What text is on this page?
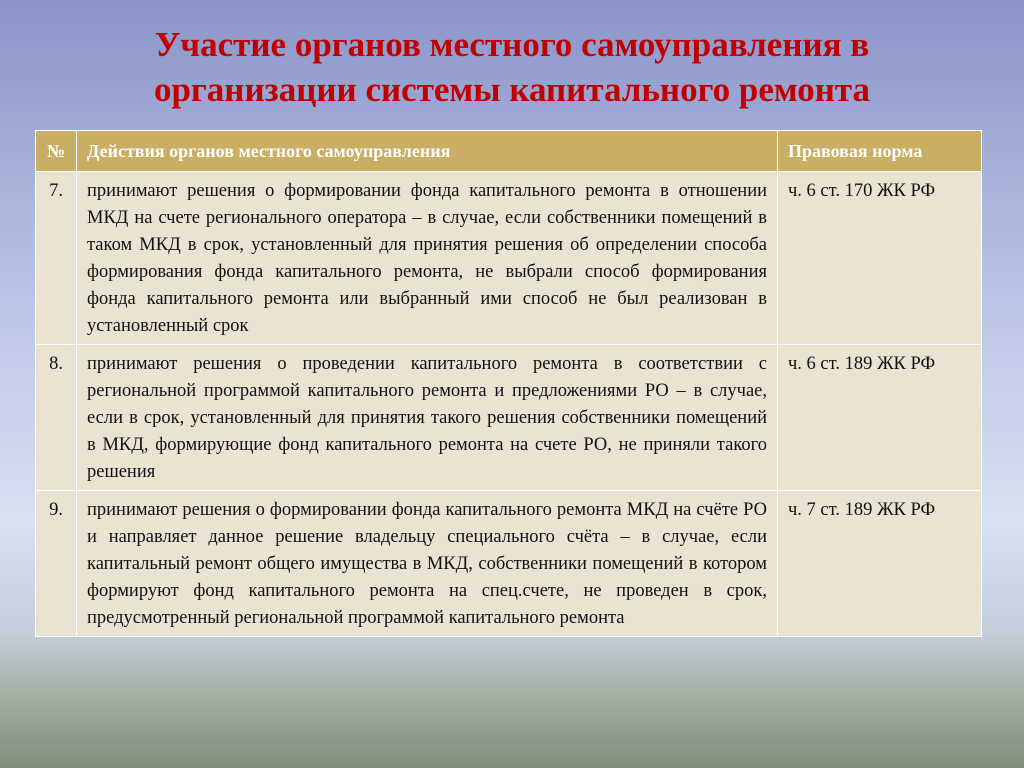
Участие органов местного самоуправления в
организации системы капитального ремонта
№	Действия органов местного самоуправления	Правовая норма
7.	принимают решения о формировании фонда капитального ремонта в отношении МКД на счете регионального оператора – в случае, если собственники помещений в таком МКД в срок, установленный для принятия решения об определении способа формирования фонда капитального ремонта, не выбрали способ формирования фонда капитального ремонта или выбранный ими способ не был реализован в установленный срок	ч. 6 ст. 170 ЖК РФ
8.	принимают решения о проведении капитального ремонта в соответствии с региональной программой капитального ремонта и предложениями РО – в случае, если в срок, установленный для принятия такого решения собственники помещений в МКД, формирующие фонд капитального ремонта на счете РО, не приняли такого решения	ч. 6 ст. 189 ЖК РФ
9.	принимают решения о формировании фонда капитального ремонта МКД на счёте РО и направляет данное решение владельцу специального счёта – в случае, если капитальный ремонт общего имущества в МКД, собственники помещений в котором формируют фонд капитального ремонта на спец.счете, не проведен в срок, предусмотренный региональной программой капитального ремонта	ч. 7 ст. 189 ЖК РФ
